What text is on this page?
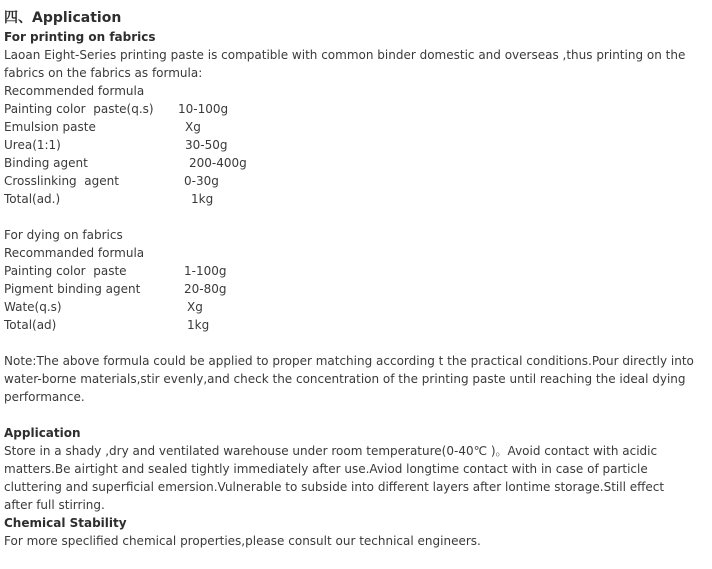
四、Application
For printing on fabrics
Laoan Eight-Series printing paste is compatible with common binder domestic and overseas ,thus printing on the fabrics on the fabrics as formula:
Recommended formula
Painting color  paste(q.s) 10-100g
Emulsion paste	Xg
Urea(1:1)	30-50g
Binding agent	200-400g
Crosslinking  agent	0-30g
Total(ad.)	1kg
For dying on fabrics
Recommanded formula
Painting color  paste	1-100g
Pigment binding agent	20-80g
Wate(q.s)	Xg
Total(ad)	1kg
Note:The above formula could be applied to proper matching according t the practical conditions.Pour directly into water-borne materials,stir evenly,and check the concentration of the printing paste until reaching the ideal dying performance.
Application
Store in a shady ,dry and ventilated warehouse under room temperature(0-40℃ )。Avoid contact with acidic matters.Be airtight and sealed tightly immediately after use.Aviod longtime contact with in case of particle cluttering and superficial emersion.Vulnerable to subside into different layers after lontime storage.Still effect after full stirring.
Chemical Stability
For more speclified chemical properties,please consult our technical engineers.
